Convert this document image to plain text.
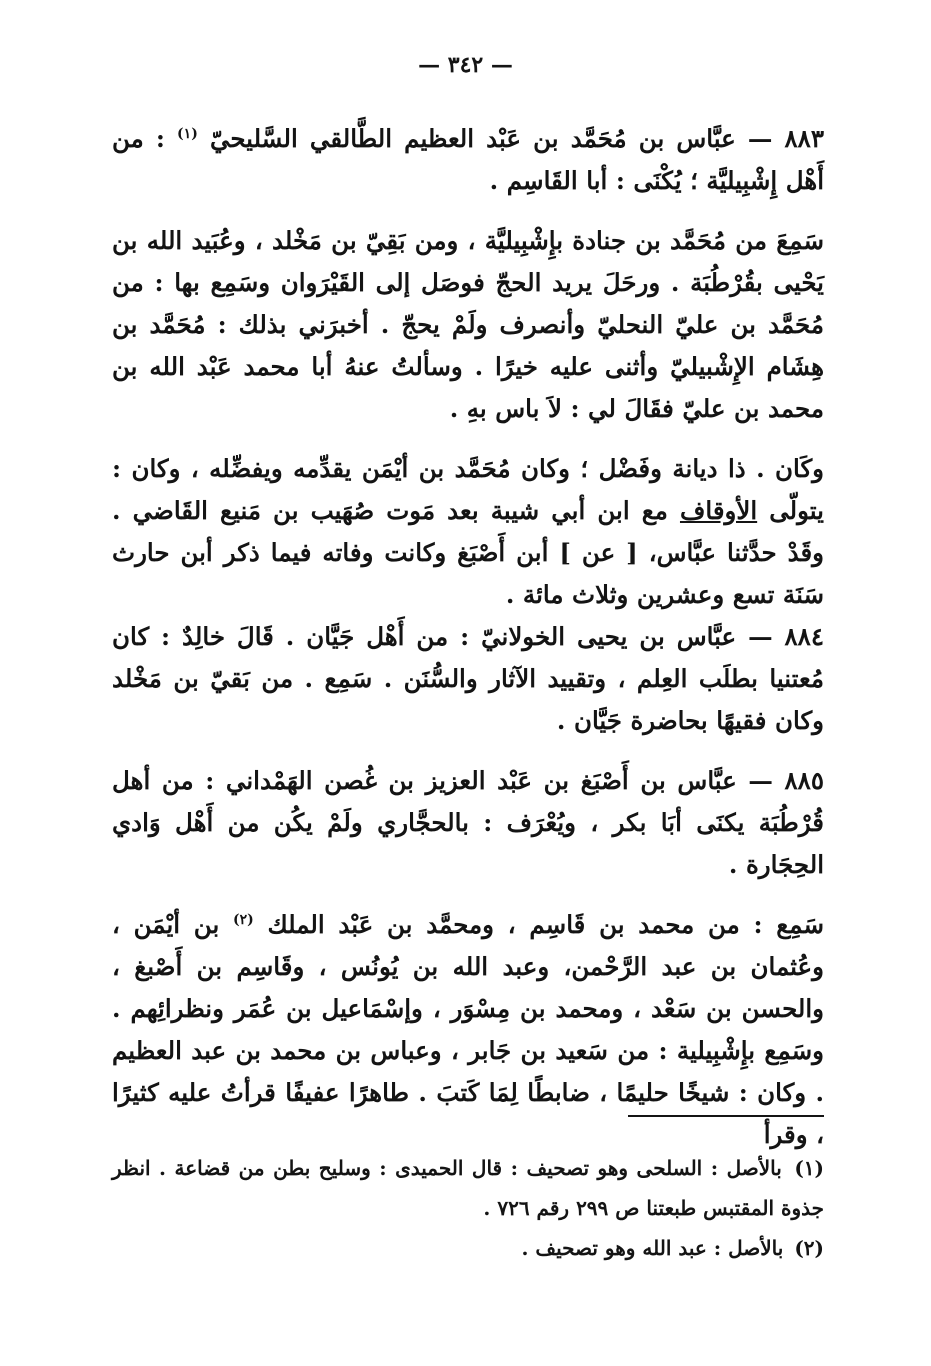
— ٣٤٢ —

٨٨٣ — عبَّاس بن مُحَمَّد بن عَبْد العظيم الطَّالقي السَّليحيّ $^{(١)}$ : من أَهْل إِشْبِيليَّة ؛ يُكْنَى : أبا القَاسِم .

سَمِعَ من مُحَمَّد بن جنادة بإِشْبِيليَّة ، ومن بَقِيّ بن مَخْلد ، وعُبَيد الله بن يَحْيى بقُرْطُبَة . ورحَلَ يريد الحجّ فوصَل إلى القَيْرَوان وسَمِع بها : من مُحَمَّد بن عليّ النحليّ وأنصرف ولَمْ يحجّ . أخبرَني بذلك : مُحَمَّد بن هِشَام الإِشْبيليّ وأثنى عليه خيرًا . وسألتُ عنهُ أبا محمد عَبْد الله بن محمد بن عليّ فقَالَ لي : لاَ باس بهِ .

وكَان . ذا ديانة وفَضْل ؛ وكان مُحَمَّد بن أيْمَن يقدِّمه ويفضِّله ، وكان : يتولّى الأوقاف مع ابن أبي شيبة بعد مَوت صُهَيب بن مَنيع القَاضي . وقَدْ حدَّثنا عبَّاس، [ عن ] أبن أَصْبَغ وكانت وفاته فيما ذكر أبن حارث سَنَة تسع وعشرين وثلاث مائة .

٨٨٤ — عبَّاس بن يحيى الخولانيّ : من أَهْل جَيَّان . قَالَ خالِدٌ : كان مُعتنيا بطلَب العِلم ، وتقييد الآثار والسُّنَن . سَمِع . من بَقيّ بن مَخْلد وكان فقيهًا بحاضرة جَيَّان .

٨٨٥ — عبَّاس بن أَصْبَغ بن عَبْد العزيز بن غُصن الهَمْداني : من أهل قُرْطُبَة يكنَى أبَا بكر ، ويُعْرَف : بالحجَّاري ولَمْ يكُن من أَهْل وَادي الحِجَارة .

سَمِع : من محمد بن قَاسِم ، ومحمَّد بن عَبْد الملك $^{(٢)}$ بن أيْمَن ، وعُثمان بن عبد الرَّحْمن، وعبد الله بن يُونُس ، وقَاسِم بن أَصْبغ ، والحسن بن سَعْد ، ومحمد بن مِسْوَر ، وإسْمَاعيل بن عُمَر ونظرائِهم . وسَمِع بإِشْبِيلية : من سَعيد بن جَابر ، وعباس بن محمد بن عبد العظيم . وكان : شيخًا حليمًا ، ضابطًا لِمَا كَتبَ . طاهرًا عفيفًا قرأتُ عليه كثيرًا ، وقرأ

(١) بالأصل : السلحى وهو تصحيف : قال الحميدى : وسليح بطن من قضاعة . انظر جذوة المقتبس طبعتنا ص ٢٩٩ رقم ٧٢٦ .

(٢) بالأصل : عبد الله وهو تصحيف .
